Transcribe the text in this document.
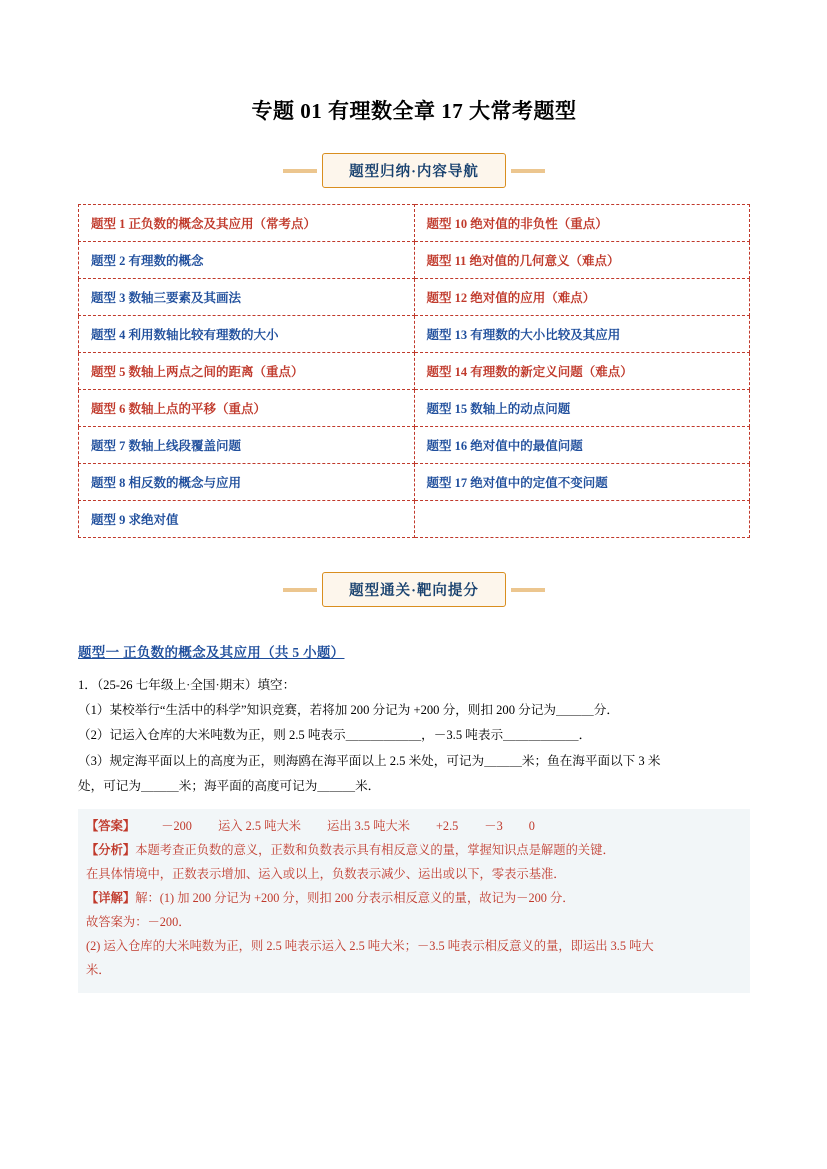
专题 01 有理数全章 17 大常考题型
题型归纳·内容导航
题型 1 正负数的概念及其应用（常考点）	题型 10 绝对值的非负性（重点）
题型 2 有理数的概念	题型 11 绝对值的几何意义（难点）
题型 3 数轴三要素及其画法	题型 12 绝对值的应用（难点）
题型 4 利用数轴比较有理数的大小	题型 13 有理数的大小比较及其应用
题型 5 数轴上两点之间的距离（重点）	题型 14 有理数的新定义问题（难点）
题型 6 数轴上点的平移（重点）	题型 15 数轴上的动点问题
题型 7 数轴上线段覆盖问题	题型 16 绝对值中的最值问题
题型 8 相反数的概念与应用	题型 17 绝对值中的定值不变问题
题型 9 求绝对值	
题型通关·靶向提分
题型一 正负数的概念及其应用（共 5 小题）

1．（25-26 七年级上·全国·期末）填空：

（1）某校举行“生活中的科学”知识竞赛，若将加 200 分记为 +200 分，则扣 200 分记为＿＿＿分．

（2）记运入仓库的大米吨数为正，则 2.5 吨表示＿＿＿＿＿＿，－3.5 吨表示＿＿＿＿＿＿．

（3）规定海平面以上的高度为正，则海鸥在海平面以上 2.5 米处，可记为＿＿＿米；鱼在海平面以下 3 米

处，可记为＿＿＿米；海平面的高度可记为＿＿＿米．

【答案】 －200 运入 2.5 吨大米 运出 3.5 吨大米 +2.5 －3 0

【分析】本题考查正负数的意义，正数和负数表示具有相反意义的量，掌握知识点是解题的关键．

在具体情境中，正数表示增加、运入或以上，负数表示减少、运出或以下，零表示基准．

【详解】解：(1) 加 200 分记为 +200 分，则扣 200 分表示相反意义的量，故记为－200 分．

故答案为：－200．

(2) 运入仓库的大米吨数为正，则 2.5 吨表示运入 2.5 吨大米；－3.5 吨表示相反意义的量，即运出 3.5 吨大

米．
